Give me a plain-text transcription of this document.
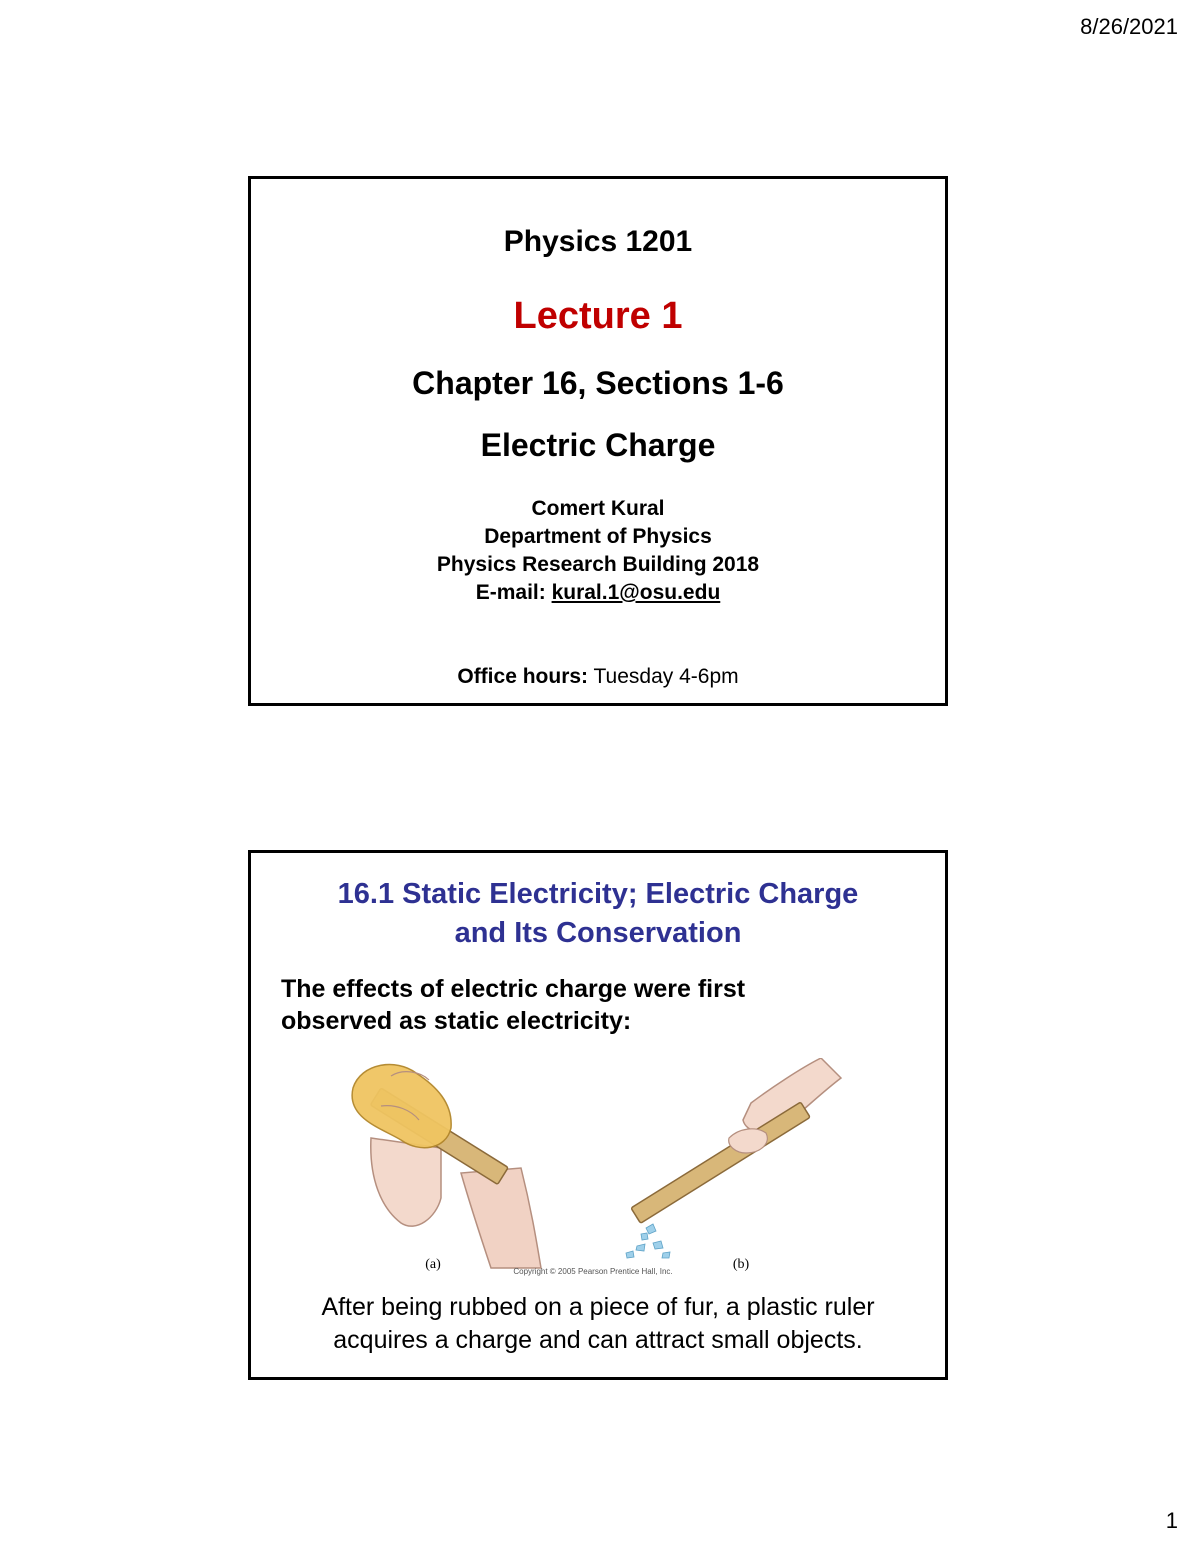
8/26/2021
Physics 1201
Lecture 1
Chapter 16, Sections 1-6
Electric Charge
Comert Kural
Department of Physics
Physics Research Building 2018
E-mail: kural.1@osu.edu
Office hours: Tuesday 4-6pm
16.1 Static Electricity; Electric Charge
and Its Conservation
The effects of electric charge were first
observed as static electricity:
(a)	(b)
Copyright © 2005 Pearson Prentice Hall, Inc.
After being rubbed on a piece of fur, a plastic ruler
acquires a charge and can attract small objects.
1
